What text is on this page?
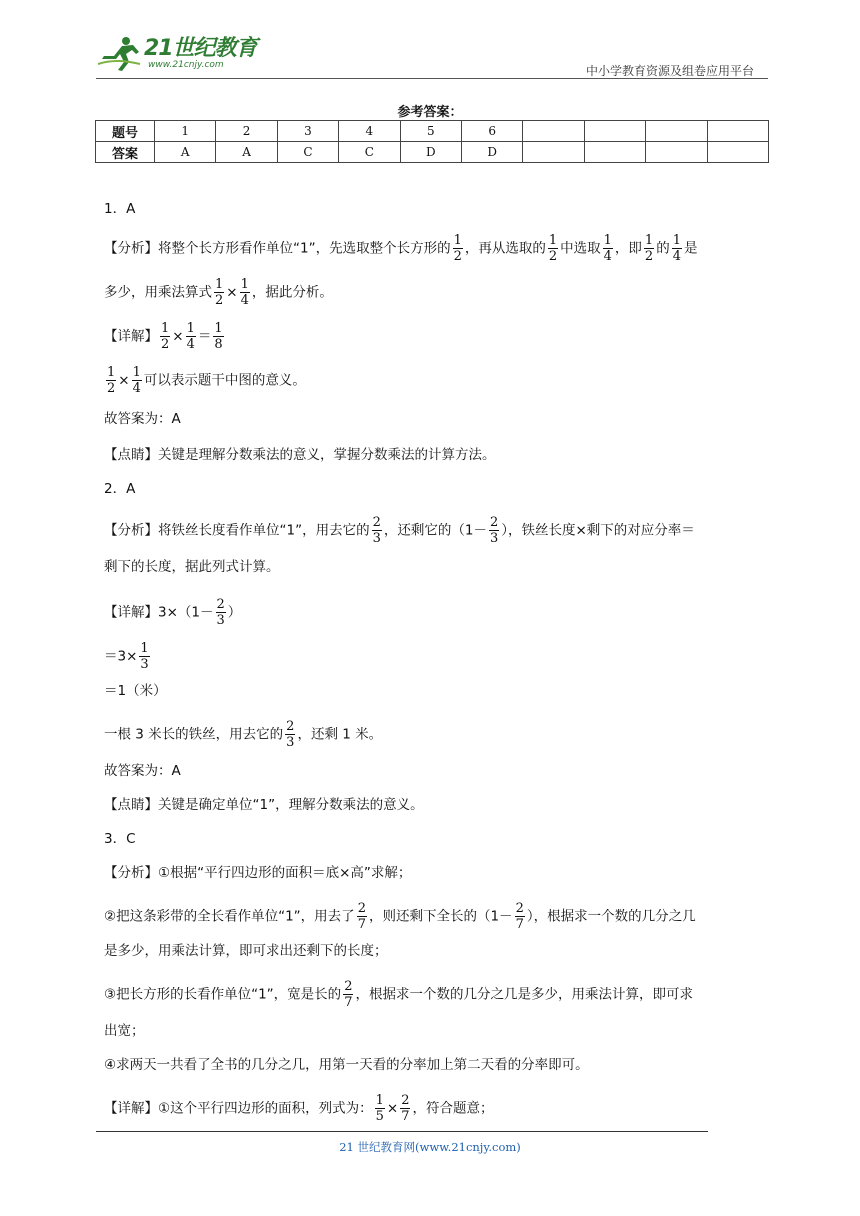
21世纪教育
www.21cnjy.com	中小学教育资源及组卷应用平台
参考答案：
题号	1	2	3	4	5	6				
答案	A	A	C	C	D	D				
1．A
【分析】将整个长方形看作单位“1”，先选取整个长方形的 $\frac{1}{2}$ ，再从选取的 $\frac{1}{2}$ 中选取 $\frac{1}{4}$ ，即 $\frac{1}{2}$ 的 $\frac{1}{4}$ 是
多少，用乘法算式 $\frac{1}{2} \times \frac{1}{4}$ ，据此分析。
【详解】 $\frac{1}{2} \times \frac{1}{4} = \frac{1}{8}$
$\frac{1}{2} \times \frac{1}{4}$ 可以表示题干中图的意义。
故答案为：A
【点睛】关键是理解分数乘法的意义，掌握分数乘法的计算方法。
2．A
【分析】将铁丝长度看作单位“1”，用去它的 $\frac{2}{3}$ ，还剩它的（$1- \frac{2}{3}$ ），铁丝长度×剩下的对应分率＝
剩下的长度，据此列式计算。
【详解】$3\times(1- \frac{2}{3}$ ）
$=3\times \frac{1}{3}$
＝1（米）
一根 3 米长的铁丝，用去它的 $\frac{2}{3}$ ，还剩 1 米。
故答案为：A
【点睛】关键是确定单位“1”，理解分数乘法的意义。
3．C
【分析】①根据“平行四边形的面积＝底×高”求解；
②把这条彩带的全长看作单位“1”，用去了 $\frac{2}{7}$ ，则还剩下全长的（$1- \frac{2}{7}$ ），根据求一个数的几分之几
是多少，用乘法计算，即可求出还剩下的长度；
③把长方形的长看作单位“1”，宽是长的 $\frac{2}{7}$ ，根据求一个数的几分之几是多少，用乘法计算，即可求
出宽；
④求两天一共看了全书的几分之几，用第一天看的分率加上第二天看的分率即可。
【详解】①这个平行四边形的面积，列式为： $\frac{1}{5} \times \frac{2}{7}$ ，符合题意；
21 世纪教育网(www.21cnjy.com)
